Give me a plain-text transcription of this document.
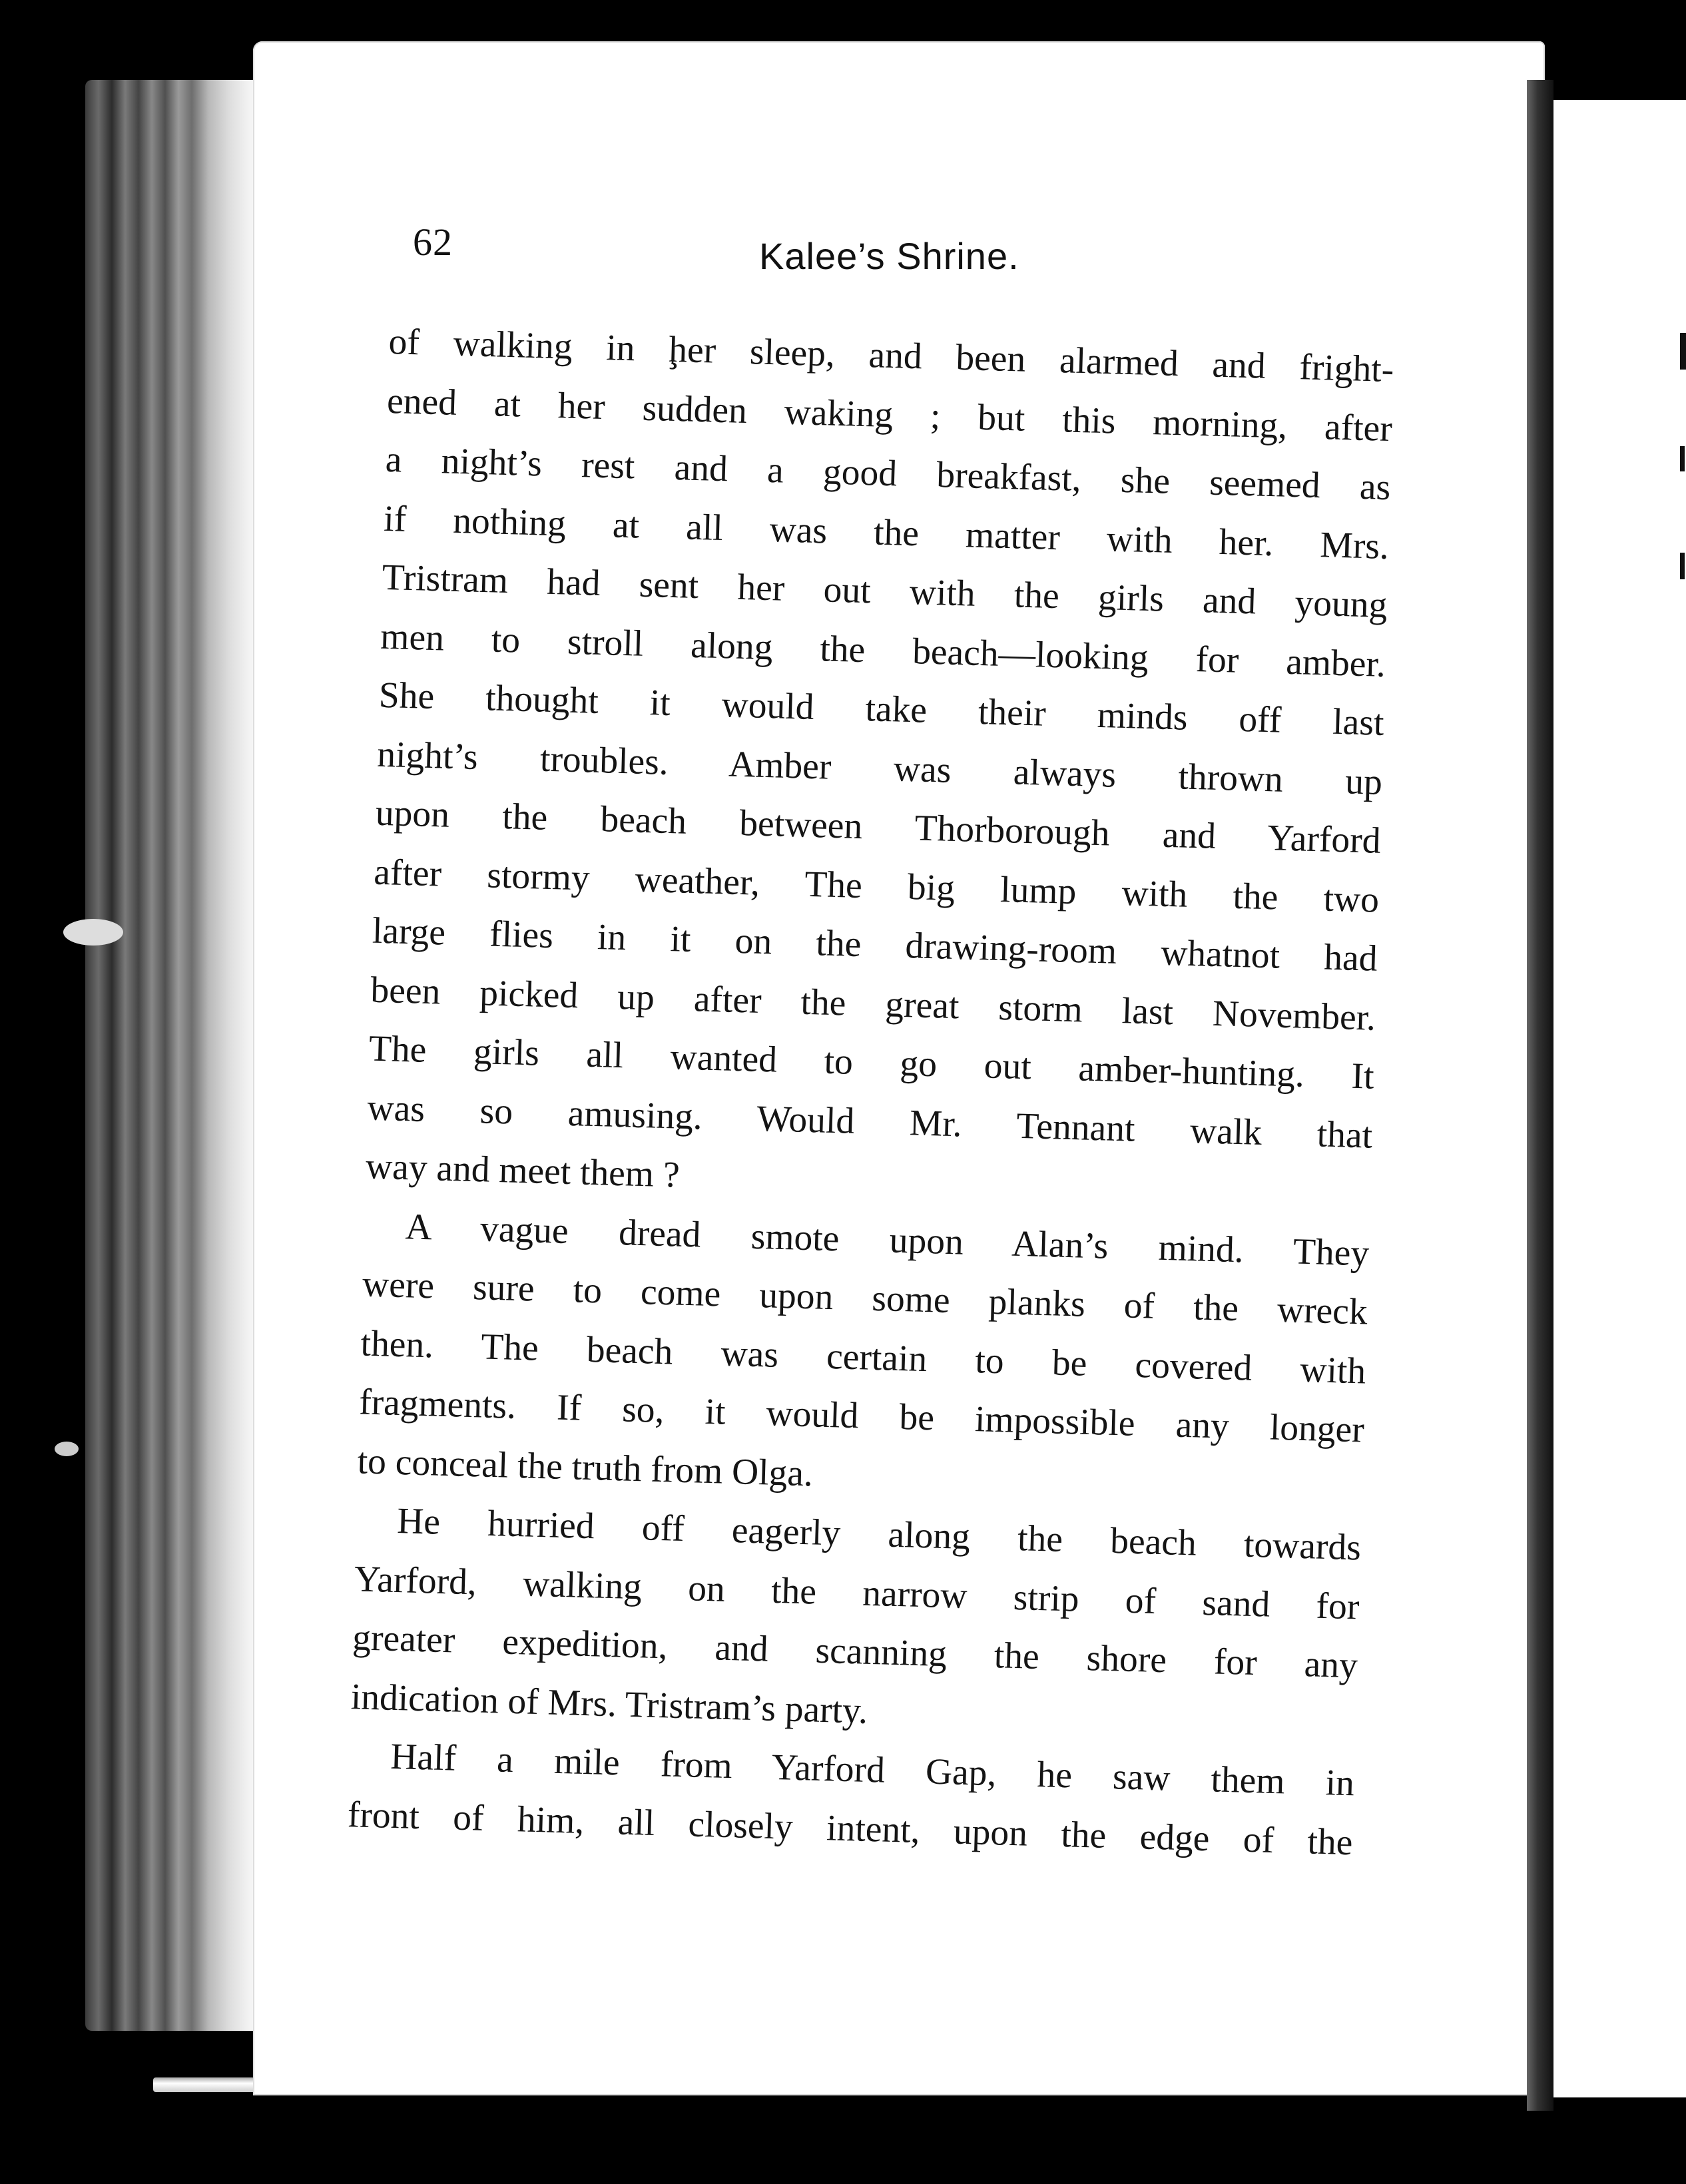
62	Kalee’s Shrine.
of walking in ḩer sleep, and been alarmed and fright-
ened at her sudden waking ; but this morning, after
a night’s rest and a good breakfast, she seemed as
if nothing at all was the matter with her. Mrs.
Tristram had sent her out with the girls and young
men to stroll along the beach—looking for amber.
She thought it would take their minds off last
night’s troubles. Amber was always thrown up
upon the beach between Thorborough and Yarford
after stormy weather, The big lump with the two
large flies in it on the drawing-room whatnot had
been picked up after the great storm last November.
The girls all wanted to go out amber-hunting. It
was so amusing. Would Mr. Tennant walk that
way and meet them ?
A vague dread smote upon Alan’s mind. They
were sure to come upon some planks of the wreck
then. The beach was certain to be covered with
fragments. If so, it would be impossible any longer
to conceal the truth from Olga.
He hurried off eagerly along the beach towards
Yarford, walking on the narrow strip of sand for
greater expedition, and scanning the shore for any
indication of Mrs. Tristram’s party.
Half a mile from Yarford Gap, he saw them in
front of him, all closely intent, upon the edge of the
